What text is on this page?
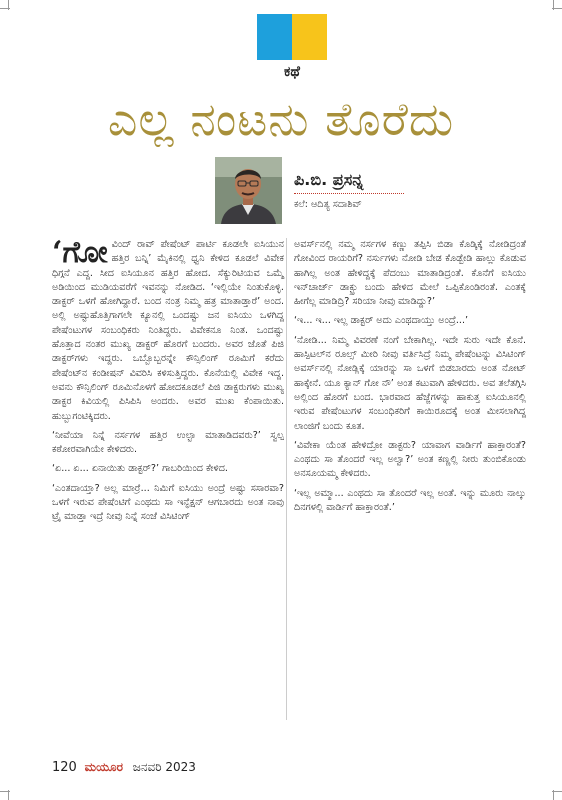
ಕಥೆ
ಎಲ್ಲ ನಂಟನು ತೊರೆದು
ಪಿ.ಬಿ. ಪ್ರಸನ್ನ
ಕಲೆ: ಆದಿತ್ಯ ಸದಾಶಿವ್

‘ಗೋವಿಂದ್ ರಾವ್ ಪೇಷೆಂಟ್ ಪಾರ್ಟಿ ಕೂಡಲೇ ಐಸಿಯುನ ಹತ್ತಿರ ಬನ್ನಿ’ ಮೈಕಿನಲ್ಲಿ ಧ್ವನಿ ಕೇಳಿದ ಕೂಡಲೆ ವಿವೇಕ ಧಿಗ್ಗನೆ ಎದ್ದ. ಸೀದ ಐಸಿಯೂನ ಹತ್ತಿರ ಹೋದ. ಸೆಕ್ಯುರಿಟಿಯವ ಒಮ್ಮೆ ಅಡಿಯಿಂದ ಮುಡಿಯವರೆಗೆ ಇವನನ್ನು ನೋಡಿದ. ‘ಇಲ್ಲಿಯೇ ನಿಂತುಕೊಳ್ಳಿ. ಡಾಕ್ಟರ್ ಒಳಗೆ ಹೋಗಿದ್ದಾರೆ. ಬಂದ ನಂತ್ರ ನಿಮ್ಮ ಹತ್ರ ಮಾತಾಡ್ತಾರೆ’ ಅಂದ. ಅಲ್ಲಿ ಅಷ್ಟುಹೊತ್ತಿಗಾಗಲೇ ಕ್ಯೂನಲ್ಲಿ ಒಂದಷ್ಟು ಜನ ಐಸಿಯು ಒಳಗಿದ್ದ ಪೇಷೆಂಟುಗಳ ಸಂಬಂಧಿಕರು ನಿಂತಿದ್ದರು. ವಿವೇಕನೂ ನಿಂತ. ಒಂದಷ್ಟು ಹೊತ್ತಾದ ನಂತರ ಮುಖ್ಯ ಡಾಕ್ಟರ್ ಹೊರಗೆ ಬಂದರು. ಅವರ ಜೊತೆ ಪಿಜಿ ಡಾಕ್ಟರ್‌ಗಳು ಇದ್ದರು. ಒಬ್ಬೊಬ್ಬರನ್ನೇ ಕೌನ್ಸಿಲಿಂಗ್ ರೂಮಿಗೆ ಕರೆದು ಪೇಷೆಂಟ್‌ನ ಕಂಡೀಷನ್ ವಿವರಿಸಿ ಕಳಿಸುತ್ತಿದ್ದರು. ಕೊನೆಯಲ್ಲಿ ವಿವೇಕ ಇದ್ದ. ಅವನು ಕೌನ್ಸಿಲಿಂಗ್ ರೂಮಿನೊಳಗೆ ಹೋದಕೂಡಲೆ ಪಿಜಿ ಡಾಕ್ಟರುಗಳು ಮುಖ್ಯ ಡಾಕ್ಟರ ಕಿವಿಯಲ್ಲಿ ಪಿಸಿಪಿಸಿ ಅಂದರು. ಅವರ ಮುಖ ಕೆಂಪಾಯಿತು. ಹುಬ್ಬುಗಂಟಿಕ್ಕಿದರು.

‘ನೀವೆಯಾ ನಿನ್ನೆ ನರ್ಸಗಳ ಹತ್ತಿರ ಉಲ್ಟಾ ಮಾತಾಡಿದವರು?’ ಸ್ವಲ್ಪ ಕಠೋರವಾಗಿಯೇ ಕೇಳಿದರು.

‘ಏ... ಏ... ಏನಾಯಿತು ಡಾಕ್ಟರ್?’ ಗಾಬರಿಯಿಂದ ಕೇಳಿದ.

‘ಎಂತದಾಯ್ತಾ? ಅಲ್ಲ ಮಾರ್ರೆ... ನಿಮಿಗೆ ಐಸಿಯು ಅಂದ್ರೆ ಅಷ್ಟು ಸಸಾರವಾ? ಒಳಗೆ ಇರುವ ಪೇಷೆಂಟಿಗೆ ಎಂಥದು ಸಾ ಇನ್ಫೆಕ್ಷನ್ ಆಗಬಾರದು ಅಂತ ನಾವು ಟ್ರೈ ಮಾಡ್ತಾ ಇದ್ರೆ ನೀವು ನಿನ್ನೆ ಸಂಜೆ ವಿಸಿಟಿಂಗ್

ಅವರ್ಸ್‌ನಲ್ಲಿ ನಮ್ಮ ನರ್ಸಗಳ ಕಣ್ಣು ತಪ್ಪಿಸಿ ಬಿಡಾ ಕೊಡ್ಕಿಕ್ಕೆ ನೋಡಿದ್ರಂತೆ ಗೋವಿಂದ ರಾಯರಿಗೆ? ನರ್ಸುಗಳು ನೋಡಿ ಬೇಡ ಕೊಡ್ಬೇಡಿ ಹಾಲ್ಲು ಕೊಡುವ ಹಾಗಿಲ್ಲ ಅಂತ ಹೇಳಿದ್ದಕ್ಕೆ ಪೆದಂಬು ಮಾತಾಡಿದ್ರಂತೆ. ಕೊನೆಗೆ ಐಸಿಯು ಇನ್‌ಚಾರ್ಜ್ ಡಾಕ್ಟ್ರು ಬಂದು ಹೇಳಿದ ಮೇಲೆ ಒಪ್ಪಿಕೊಂಡಿರಂತೆ. ಎಂತಕ್ಕೆ ಹೀಗೆಲ್ಲ ಮಾಡಿದ್ರಿ? ಸರಿಯಾ ನೀವು ಮಾಡಿದ್ದು?’

‘ಇ... ಇ... ಇಲ್ಲ ಡಾಕ್ಟರ್ ಅದು ಎಂಥದಾಯ್ತು ಅಂದ್ರೆ...’

‘ನೋಡಿ... ನಿಮ್ಮ ವಿವರಣೆ ನಂಗೆ ಬೇಕಾಗಿಲ್ಲ. ಇದೇ ಸುರು ಇದೇ ಕೊನೆ. ಹಾಸ್ಪಿಟಲ್‌ನ ರೂಲ್ಸ್ ಮೀರಿ ನೀವು ವರ್ತಿಸಿದ್ರೆ ನಿಮ್ಮ ಪೇಷೆಂಟನ್ನು ವಿಸಿಟಿಂಗ್ ಅವರ್ಸ್‌ನಲ್ಲಿ ನೋಡ್ಲಿಕ್ಕೆ ಯಾರನ್ನು ಸಾ ಒಳಗೆ ಬಿಡಬಾರದು ಅಂತ ನೋಟ್ ಹಾಕ್ಕೇನೆ. ಯೂ ಕ್ಯಾನ್ ಗೋ ನೌ’ ಅಂತ ಕಟುವಾಗಿ ಹೇಳಿದರು. ಅವ ತಲೆತಗ್ಗಿಸಿ ಅಲ್ಲಿಂದ ಹೊರಗೆ ಬಂದ. ಭಾರವಾದ ಹೆಜ್ಜೆಗಳನ್ನು ಹಾಕುತ್ತ ಐಸಿಯೂನಲ್ಲಿ ಇರುವ ಪೇಷೆಂಟುಗಳ ಸಂಬಂಧಿಕರಿಗೆ ಕಾಯಿರೂದಕ್ಕೆ ಅಂತ ಮೀಸಲಾಗಿದ್ದ ಲಾಂಜಿಗೆ ಬಂದು ಕೂತ.

‘ವಿವೇಕಾ ಯೆಂತ ಹೇಳಿದ್ರೋ ಡಾಕ್ಟರು? ಯಾವಾಗ ವಾರ್ಡಿಗೆ ಹಾಕ್ತಾರಂತೆ? ಎಂಥದು ಸಾ ತೊಂದರೆ ಇಲ್ಲ ಅಲ್ವಾ?’ ಅಂತ ಕಣ್ಣಲ್ಲಿ ನೀರು ತುಂಬಿಕೊಂಡು ಅನಸೂಯಮ್ಮ ಕೇಳಿದರು.

‘ಇಲ್ಲ ಅಮ್ಮಾ... ಎಂಥದು ಸಾ ತೊಂದರೆ ಇಲ್ಲ ಅಂತೆ. ಇನ್ನು ಮೂರು ನಾಲ್ಕು ದಿನಗಳಲ್ಲಿ ವಾರ್ಡಿಗೆ ಹಾಕ್ತಾರಂತೆ.’

120 ಮಯೂರ ಜನವರಿ 2023
